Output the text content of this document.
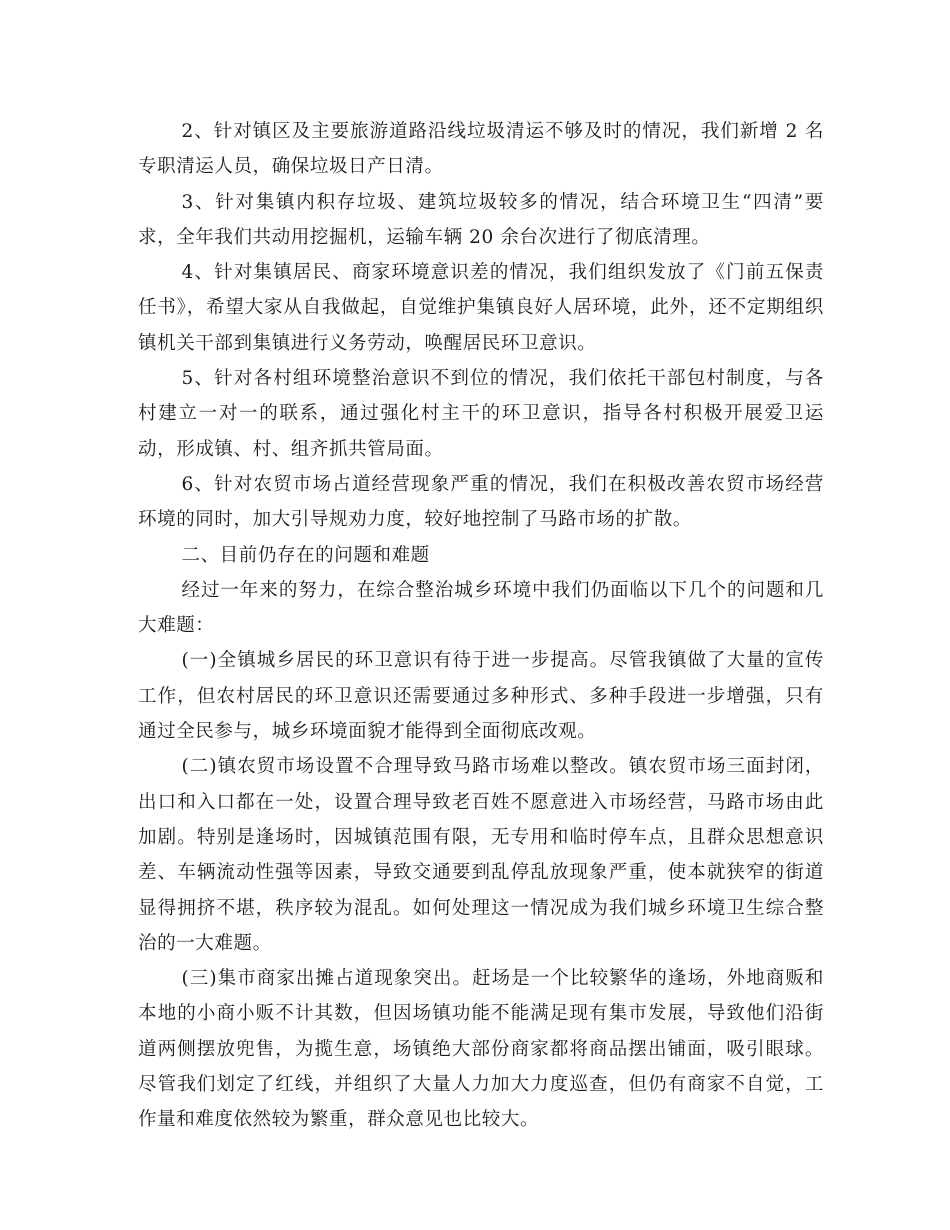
2、针对镇区及主要旅游道路沿线垃圾清运不够及时的情况，我们新增 2 名专职清运人员，确保垃圾日产日清。

3、针对集镇内积存垃圾、建筑垃圾较多的情况，结合环境卫生“四清”要求，全年我们共动用挖掘机，运输车辆 20 余台次进行了彻底清理。

4、针对集镇居民、商家环境意识差的情况，我们组织发放了《门前五保责任书》，希望大家从自我做起，自觉维护集镇良好人居环境，此外，还不定期组织镇机关干部到集镇进行义务劳动，唤醒居民环卫意识。

5、针对各村组环境整治意识不到位的情况，我们依托干部包村制度，与各村建立一对一的联系，通过强化村主干的环卫意识，指导各村积极开展爱卫运动，形成镇、村、组齐抓共管局面。

6、针对农贸市场占道经营现象严重的情况，我们在积极改善农贸市场经营环境的同时，加大引导规劝力度，较好地控制了马路市场的扩散。

二、目前仍存在的问题和难题

经过一年来的努力，在综合整治城乡环境中我们仍面临以下几个的问题和几大难题：

(一)全镇城乡居民的环卫意识有待于进一步提高。尽管我镇做了大量的宣传工作，但农村居民的环卫意识还需要通过多种形式、多种手段进一步增强，只有通过全民参与，城乡环境面貌才能得到全面彻底改观。

(二)镇农贸市场设置不合理导致马路市场难以整改。镇农贸市场三面封闭，出口和入口都在一处，设置合理导致老百姓不愿意进入市场经营，马路市场由此加剧。特别是逢场时，因城镇范围有限，无专用和临时停车点，且群众思想意识差、车辆流动性强等因素，导致交通要到乱停乱放现象严重，使本就狭窄的街道显得拥挤不堪，秩序较为混乱。如何处理这一情况成为我们城乡环境卫生综合整治的一大难题。

(三)集市商家出摊占道现象突出。赶场是一个比较繁华的逢场，外地商贩和本地的小商小贩不计其数，但因场镇功能不能满足现有集市发展，导致他们沿街道两侧摆放兜售，为揽生意，场镇绝大部份商家都将商品摆出铺面，吸引眼球。尽管我们划定了红线，并组织了大量人力加大力度巡查，但仍有商家不自觉，工作量和难度依然较为繁重，群众意见也比较大。
